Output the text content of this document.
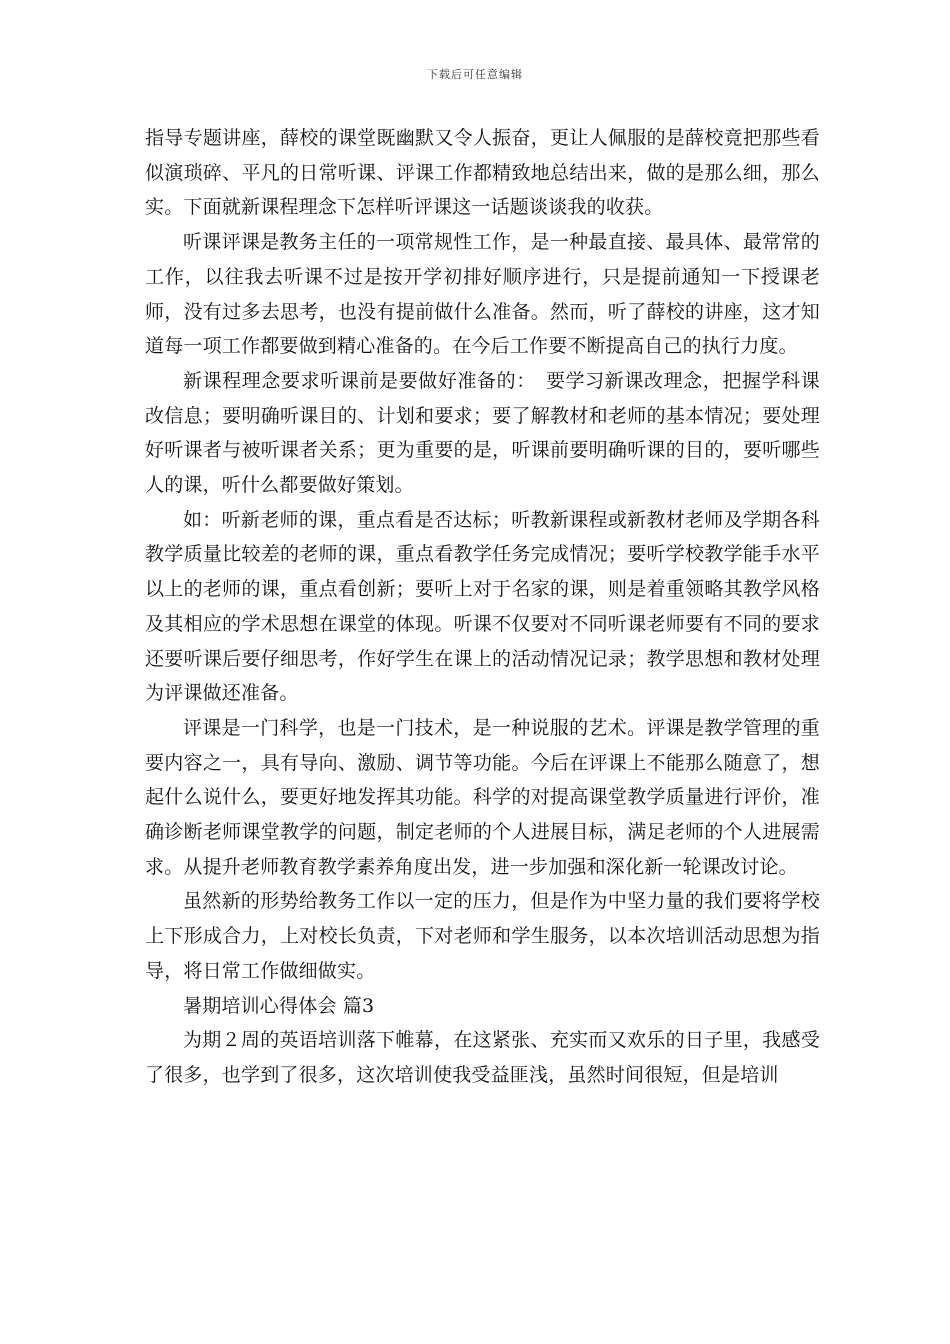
下载后可任意编辑

指导专题讲座，薛校的课堂既幽默又令人振奋，更让人佩服的是薛校竟把那些看似演琐碎、平凡的日常听课、评课工作都精致地总结出来，做的是那么细，那么实。下面就新课程理念下怎样听评课这一话题谈谈我的收获。

听课评课是教务主任的一项常规性工作，是一种最直接、最具体、最常常的工作，以往我去听课不过是按开学初排好顺序进行，只是提前通知一下授课老师，没有过多去思考，也没有提前做什么准备。然而，听了薛校的讲座，这才知道每一项工作都要做到精心准备的。在今后工作要不断提高自己的执行力度。

新课程理念要求听课前是要做好准备的：　要学习新课改理念，把握学科课改信息；要明确听课目的、计划和要求；要了解教材和老师的基本情况；要处理好听课者与被听课者关系；更为重要的是，听课前要明确听课的目的，要听哪些人的课，听什么都要做好策划。

如：听新老师的课，重点看是否达标；听教新课程或新教材老师及学期各科教学质量比较差的老师的课，重点看教学任务完成情况；要听学校教学能手水平以上的老师的课，重点看创新；要听上对于名家的课，则是着重领略其教学风格及其相应的学术思想在课堂的体现。听课不仅要对不同听课老师要有不同的要求还要听课后要仔细思考，作好学生在课上的活动情况记录；教学思想和教材处理为评课做还准备。

评课是一门科学，也是一门技术，是一种说服的艺术。评课是教学管理的重要内容之一，具有导向、激励、调节等功能。今后在评课上不能那么随意了，想起什么说什么，要更好地发挥其功能。科学的对提高课堂教学质量进行评价，准确诊断老师课堂教学的问题，制定老师的个人进展目标，满足老师的个人进展需求。从提升老师教育教学素养角度出发，进一步加强和深化新一轮课改讨论。

虽然新的形势给教务工作以一定的压力，但是作为中坚力量的我们要将学校上下形成合力，上对校长负责，下对老师和学生服务，以本次培训活动思想为指导，将日常工作做细做实。

暑期培训心得体会 篇3

为期２周的英语培训落下帷幕，在这紧张、充实而又欢乐的日子里，我感受了很多，也学到了很多，这次培训使我受益匪浅，虽然时间很短，但是培训
